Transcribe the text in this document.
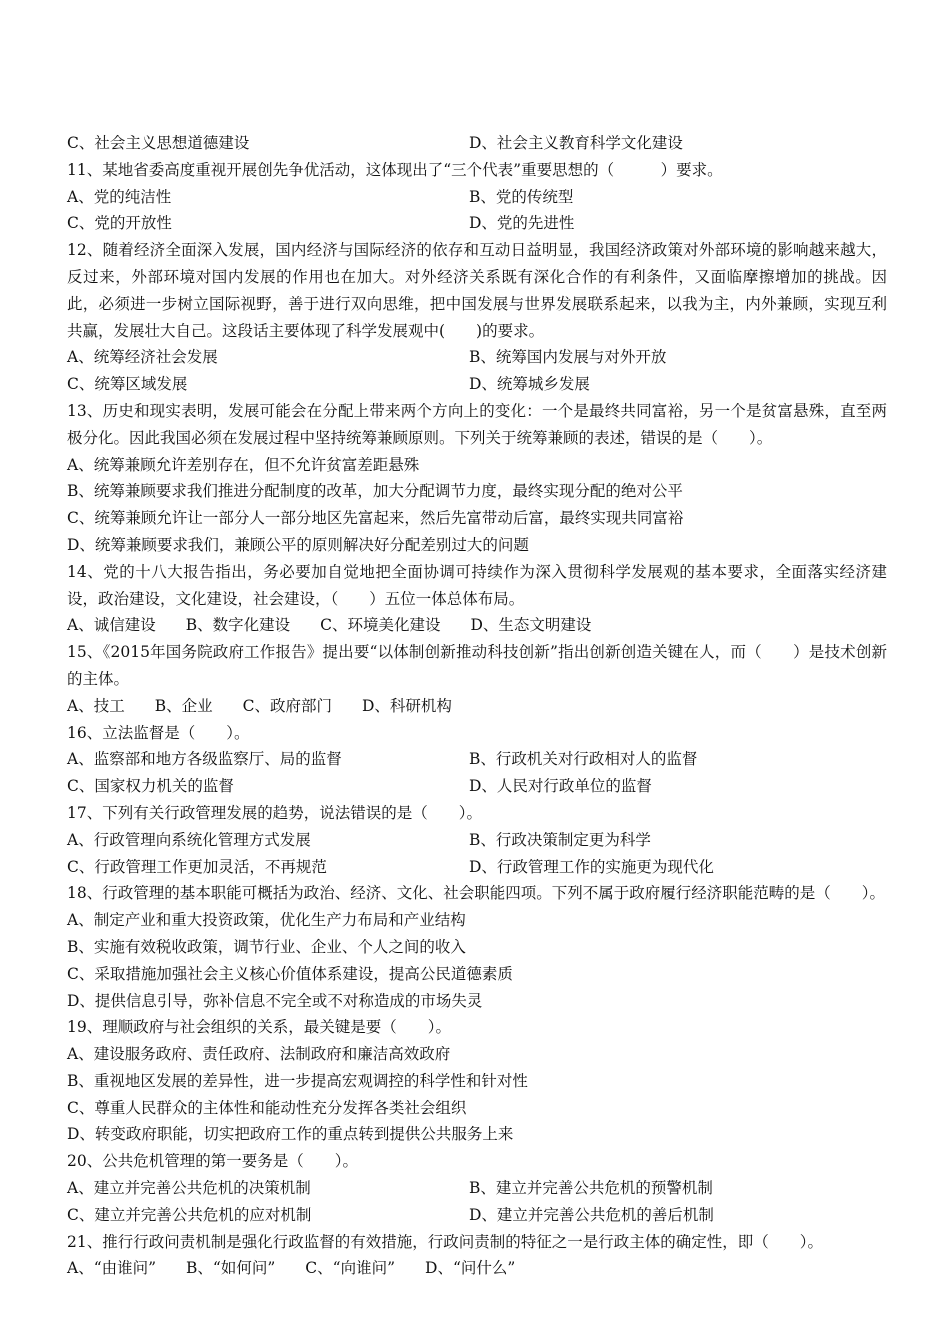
C、社会主义思想道德建设	D、社会主义教育科学文化建设
11、某地省委高度重视开展创先争优活动，这体现出了“三个代表”重要思想的（　　　）要求。
A、党的纯洁性	B、党的传统型
C、党的开放性	D、党的先进性
12、随着经济全面深入发展，国内经济与国际经济的依存和互动日益明显，我国经济政策对外部环境的影响越来越大，反过来，外部环境对国内发展的作用也在加大。对外经济关系既有深化合作的有利条件，又面临摩擦增加的挑战。因此，必须进一步树立国际视野，善于进行双向思维，把中国发展与世界发展联系起来，以我为主，内外兼顾，实现互利共赢，发展壮大自己。这段话主要体现了科学发展观中(　　)的要求。
A、统筹经济社会发展	B、统筹国内发展与对外开放
C、统筹区域发展	D、统筹城乡发展
13、历史和现实表明，发展可能会在分配上带来两个方向上的变化：一个是最终共同富裕，另一个是贫富悬殊，直至两极分化。因此我国必须在发展过程中坚持统筹兼顾原则。下列关于统筹兼顾的表述，错误的是（　　）。
A、统筹兼顾允许差别存在，但不允许贫富差距悬殊
B、统筹兼顾要求我们推进分配制度的改革，加大分配调节力度，最终实现分配的绝对公平
C、统筹兼顾允许让一部分人一部分地区先富起来，然后先富带动后富，最终实现共同富裕
D、统筹兼顾要求我们，兼顾公平的原则解决好分配差别过大的问题
14、党的十八大报告指出，务必要加自觉地把全面协调可持续作为深入贯彻科学发展观的基本要求，全面落实经济建设，政治建设，文化建设，社会建设，（　　）五位一体总体布局。
A、诚信建设 B、数字化建设 C、环境美化建设 D、生态文明建设
15、《2015年国务院政府工作报告》提出要“以体制创新推动科技创新”指出创新创造关键在人，而（　　）是技术创新的主体。
A、技工 B、企业 C、政府部门 D、科研机构
16、立法监督是（　　）。
A、监察部和地方各级监察厅、局的监督	B、行政机关对行政相对人的监督
C、国家权力机关的监督	D、人民对行政单位的监督
17、下列有关行政管理发展的趋势，说法错误的是（　　）。
A、行政管理向系统化管理方式发展	B、行政决策制定更为科学
C、行政管理工作更加灵活，不再规范	D、行政管理工作的实施更为现代化
18、行政管理的基本职能可概括为政治、经济、文化、社会职能四项。下列不属于政府履行经济职能范畴的是（　　）。
A、制定产业和重大投资政策，优化生产力布局和产业结构
B、实施有效税收政策，调节行业、企业、个人之间的收入
C、采取措施加强社会主义核心价值体系建设，提高公民道德素质
D、提供信息引导，弥补信息不完全或不对称造成的市场失灵
19、理顺政府与社会组织的关系，最关键是要（　　）。
A、建设服务政府、责任政府、法制政府和廉洁高效政府
B、重视地区发展的差异性，进一步提高宏观调控的科学性和针对性
C、尊重人民群众的主体性和能动性充分发挥各类社会组织
D、转变政府职能，切实把政府工作的重点转到提供公共服务上来
20、公共危机管理的第一要务是（　　）。
A、建立并完善公共危机的决策机制	B、建立并完善公共危机的预警机制
C、建立并完善公共危机的应对机制	D、建立并完善公共危机的善后机制
21、推行行政问责机制是强化行政监督的有效措施，行政问责制的特征之一是行政主体的确定性，即（　　）。
A、“由谁问” B、“如何问” C、“向谁问” D、“问什么”
